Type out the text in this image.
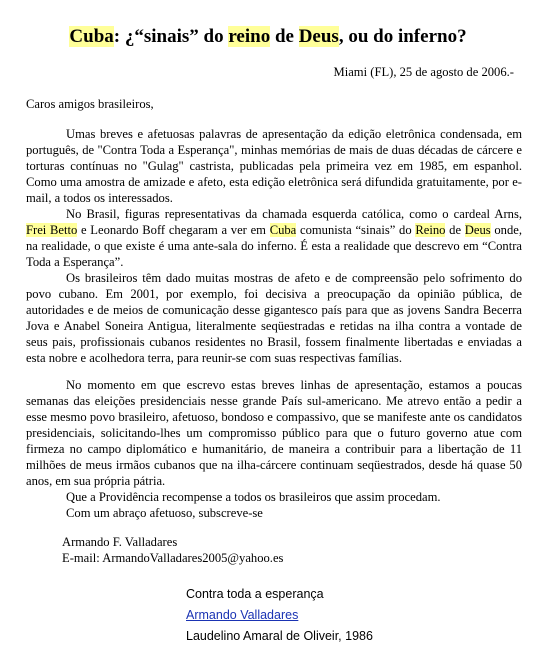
Cuba: ¿“sinais” do reino de Deus, ou do inferno?
Miami (FL), 25 de agosto de 2006.-
Caros amigos brasileiros,

Umas breves e afetuosas palavras de apresentação da edição eletrônica condensada, em português, de "Contra Toda a Esperança", minhas memórias de mais de duas décadas de cárcere e torturas contínuas no "Gulag" castrista, publicadas pela primeira vez em 1985, em espanhol. Como uma amostra de amizade e afeto, esta edição eletrônica será difundida gratuitamente, por e-mail, a todos os interessados.

No Brasil, figuras representativas da chamada esquerda católica, como o cardeal Arns, Frei Betto e Leonardo Boff chegaram a ver em Cuba comunista “sinais” do Reino de Deus onde, na realidade, o que existe é uma ante-sala do inferno. É esta a realidade que descrevo em “Contra Toda a Esperança”.

Os brasileiros têm dado muitas mostras de afeto e de compreensão pelo sofrimento do povo cubano. Em 2001, por exemplo, foi decisiva a preocupação da opinião pública, de autoridades e de meios de comunicação desse gigantesco país para que as jovens Sandra Becerra Jova e Anabel Soneira Antigua, literalmente seqüestradas e retidas na ilha contra a vontade de seus pais, profissionais cubanos residentes no Brasil, fossem finalmente libertadas e enviadas a esta nobre e acolhedora terra, para reunir-se com suas respectivas famílias.

No momento em que escrevo estas breves linhas de apresentação, estamos a poucas semanas das eleições presidenciais nesse grande País sul-americano. Me atrevo então a pedir a esse mesmo povo brasileiro, afetuoso, bondoso e compassivo, que se manifeste ante os candidatos presidenciais, solicitando-lhes um compromisso público para que o futuro governo atue com firmeza no campo diplomático e humanitário, de maneira a contribuir para a libertação de 11 milhões de meus irmãos cubanos que na ilha-cárcere continuam seqüestrados, desde há quase 50 anos, em sua própria pátria.

Que a Providência recompense a todos os brasileiros que assim procedam.

Com um abraço afetuoso, subscreve-se

Armando F. Valladares
E-mail: ArmandoValladares2005@yahoo.es
Contra toda a esperança
Armando Valladares
Laudelino Amaral de Oliveir, 1986
